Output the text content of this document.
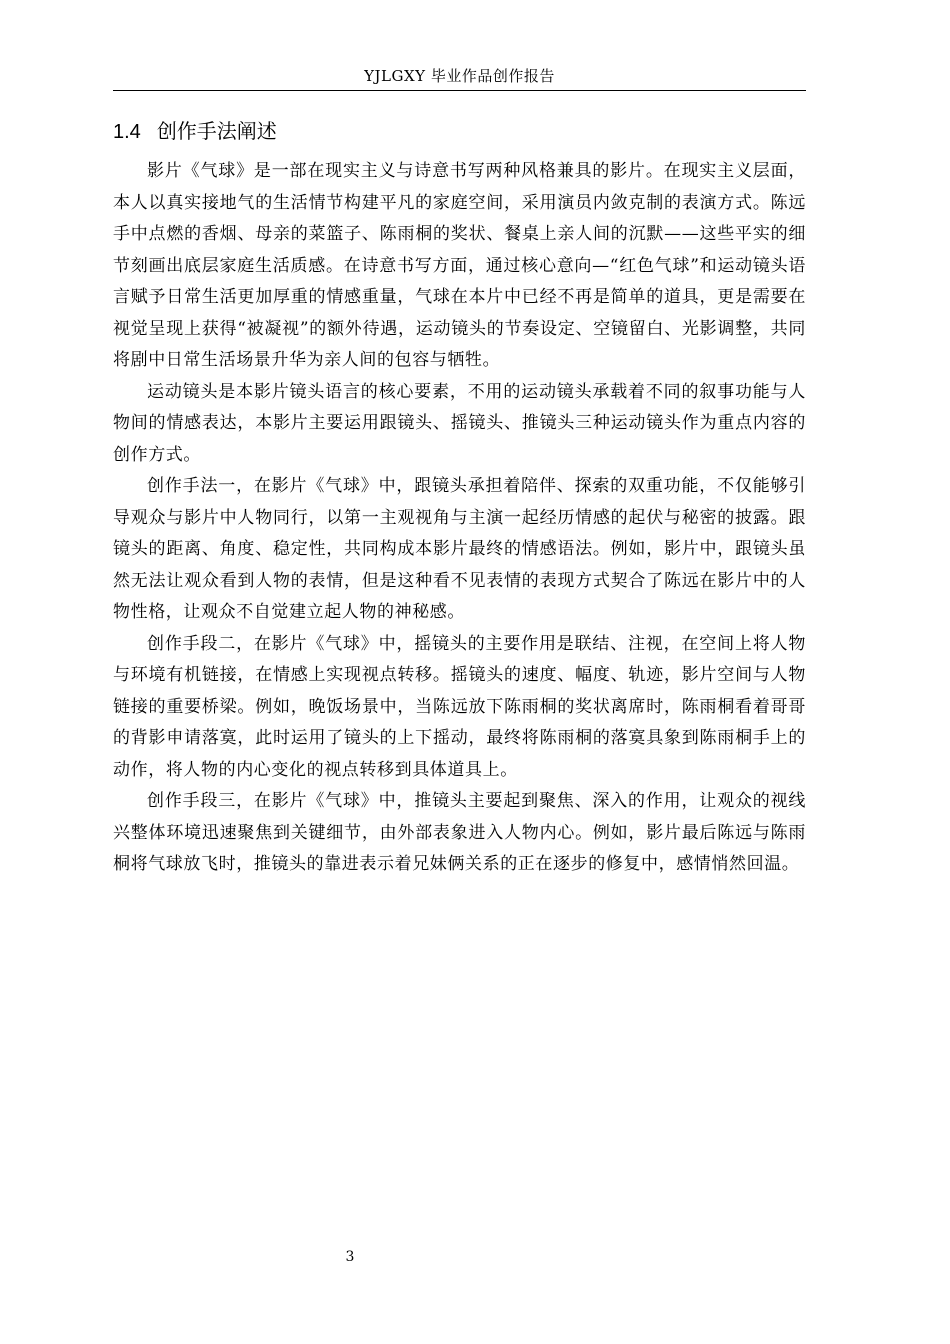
YJLGXY 毕业作品创作报告
1.4 创作手法阐述

影片《气球》是一部在现实主义与诗意书写两种风格兼具的影片。在现实主义层面，本人以真实接地气的生活情节构建平凡的家庭空间，采用演员内敛克制的表演方式。陈远手中点燃的香烟、母亲的菜篮子、陈雨桐的奖状、餐桌上亲人间的沉默——这些平实的细节刻画出底层家庭生活质感。在诗意书写方面，通过核心意向—“红色气球”和运动镜头语言赋予日常生活更加厚重的情感重量，气球在本片中已经不再是简单的道具，更是需要在视觉呈现上获得“被凝视”的额外待遇，运动镜头的节奏设定、空镜留白、光影调整，共同将剧中日常生活场景升华为亲人间的包容与牺牲。

运动镜头是本影片镜头语言的核心要素，不用的运动镜头承载着不同的叙事功能与人物间的情感表达，本影片主要运用跟镜头、摇镜头、推镜头三种运动镜头作为重点内容的创作方式。

创作手法一，在影片《气球》中，跟镜头承担着陪伴、探索的双重功能，不仅能够引导观众与影片中人物同行，以第一主观视角与主演一起经历情感的起伏与秘密的披露。跟镜头的距离、角度、稳定性，共同构成本影片最终的情感语法。例如，影片中，跟镜头虽然无法让观众看到人物的表情，但是这种看不见表情的表现方式契合了陈远在影片中的人物性格，让观众不自觉建立起人物的神秘感。

创作手段二，在影片《气球》中，摇镜头的主要作用是联结、注视，在空间上将人物与环境有机链接，在情感上实现视点转移。摇镜头的速度、幅度、轨迹，影片空间与人物链接的重要桥梁。例如，晚饭场景中，当陈远放下陈雨桐的奖状离席时，陈雨桐看着哥哥的背影申请落寞，此时运用了镜头的上下摇动，最终将陈雨桐的落寞具象到陈雨桐手上的动作，将人物的内心变化的视点转移到具体道具上。

创作手段三，在影片《气球》中，推镜头主要起到聚焦、深入的作用，让观众的视线兴整体环境迅速聚焦到关键细节，由外部表象进入人物内心。例如，影片最后陈远与陈雨桐将气球放飞时，推镜头的靠进表示着兄妹俩关系的正在逐步的修复中，感情悄然回温。

3
